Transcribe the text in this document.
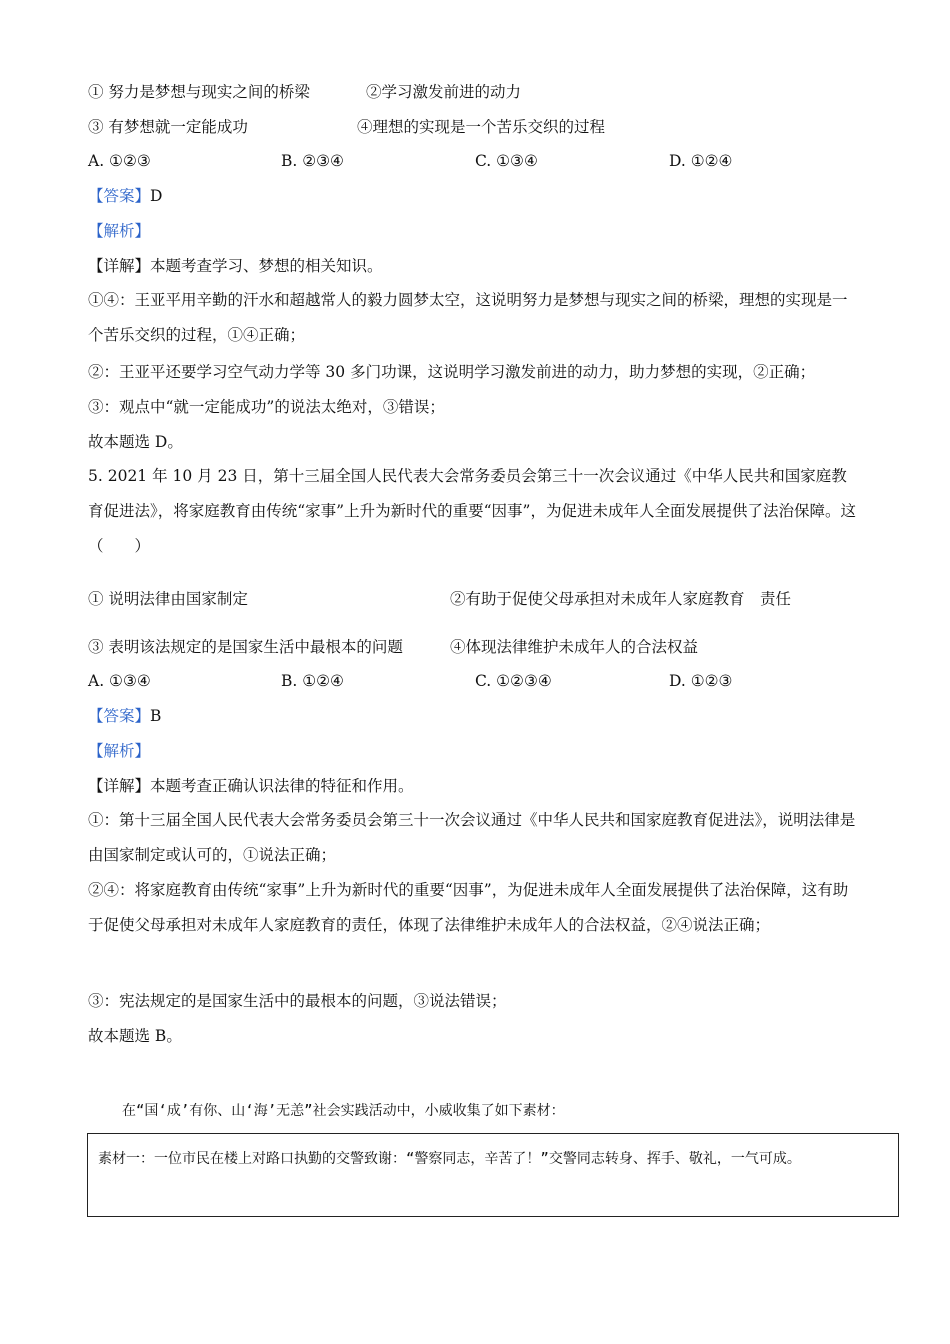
① 努力是梦想与现实之间的桥梁	②学习激发前进的动力
③ 有梦想就一定能成功	④理想的实现是一个苦乐交织的过程
A. ①②③	B. ②③④	C. ①③④	D. ①②④
【答案】D
【解析】
【详解】本题考查学习、梦想的相关知识。
①④：王亚平用辛勤的汗水和超越常人的毅力圆梦太空，这说明努力是梦想与现实之间的桥梁，理想的实现是一个苦乐交织的过程，①④正确；
②：王亚平还要学习空气动力学等 30 多门功课，这说明学习激发前进的动力，助力梦想的实现，②正确；
③：观点中“就一定能成功”的说法太绝对，③错误；
故本题选 D。
5. 2021 年 10 月 23 日，第十三届全国人民代表大会常务委员会第三十一次会议通过《中华人民共和国家庭教育促进法》，将家庭教育由传统“家事”上升为新时代的重要“因事”，为促进未成年人全面发展提供了法治保障。这（　　）
① 说明法律由国家制定	②有助于促使父母承担对未成年人家庭教育　责任
③ 表明该法规定的是国家生活中最根本的问题	④体现法律维护未成年人的合法权益
A. ①③④	B. ①②④	C. ①②③④	D. ①②③
【答案】B
【解析】
【详解】本题考查正确认识法律的特征和作用。
①：第十三届全国人民代表大会常务委员会第三十一次会议通过《中华人民共和国家庭教育促进法》，说明法律是由国家制定或认可的，①说法正确；
②④：将家庭教育由传统“家事”上升为新时代的重要“因事”，为促进未成年人全面发展提供了法治保障，这有助于促使父母承担对未成年人家庭教育的责任，体现了法律维护未成年人的合法权益，②④说法正确；
③：宪法规定的是国家生活中的最根本的问题，③说法错误；
故本题选 B。
在“国‘成’有你、山‘海’无恙”社会实践活动中，小威收集了如下素材：
素材一：一位市民在楼上对路口执勤的交警致谢：“警察同志，辛苦了！”交警同志转身、挥手、敬礼，一气可成。
